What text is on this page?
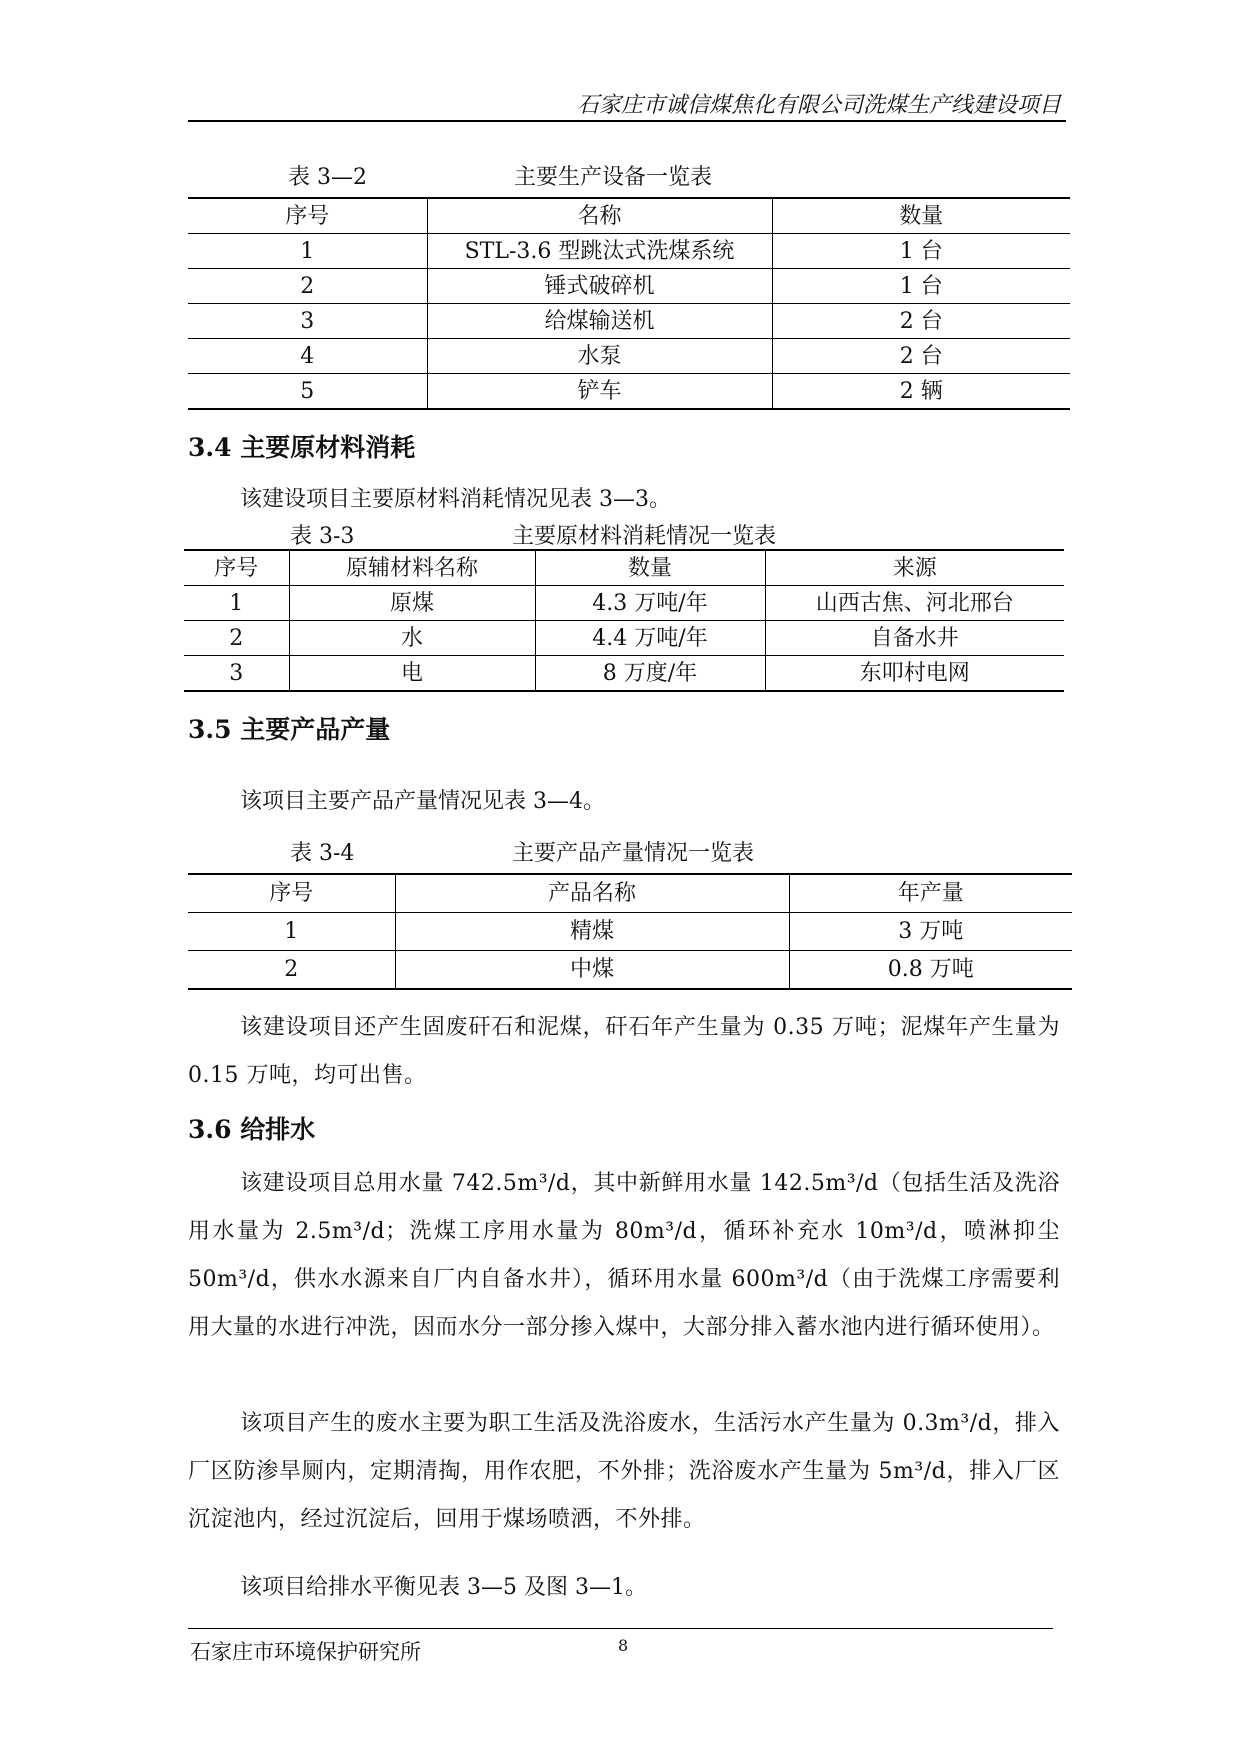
石家庄市诚信煤焦化有限公司洗煤生产线建设项目
表 3—2	主要生产设备一览表
序号	名称	数量
1	STL-3.6 型跳汰式洗煤系统	1 台
2	锤式破碎机	1 台
3	给煤输送机	2 台
4	水泵	2 台
5	铲车	2 辆
3.4 主要原材料消耗

该建设项目主要原材料消耗情况见表 3—3。

表 3-3	主要原材料消耗情况一览表
序号	原辅材料名称	数量	来源
1	原煤	4.3 万吨/年	山西古焦、河北邢台
2	水	4.4 万吨/年	自备水井
3	电	8 万度/年	东叩村电网
3.5 主要产品产量

该项目主要产品产量情况见表 3—4。

表 3-4	主要产品产量情况一览表
序号	产品名称	年产量
1	精煤	3 万吨
2	中煤	0.8 万吨

该建设项目还产生固废矸石和泥煤，矸石年产生量为 0.35 万吨；泥煤年产生量为 0.15 万吨，均可出售。

3.6 给排水

该建设项目总用水量 742.5m³/d，其中新鲜用水量 142.5m³/d（包括生活及洗浴用水量为 2.5m³/d；洗煤工序用水量为 80m³/d，循环补充水 10m³/d，喷淋抑尘 50m³/d，供水水源来自厂内自备水井），循环用水量 600m³/d（由于洗煤工序需要利用大量的水进行冲洗，因而水分一部分掺入煤中，大部分排入蓄水池内进行循环使用）。

该项目产生的废水主要为职工生活及洗浴废水，生活污水产生量为 0.3m³/d，排入厂区防渗旱厕内，定期清掏，用作农肥，不外排；洗浴废水产生量为 5m³/d，排入厂区沉淀池内，经过沉淀后，回用于煤场喷洒，不外排。

该项目给排水平衡见表 3—5 及图 3—1。

石家庄市环境保护研究所	8
